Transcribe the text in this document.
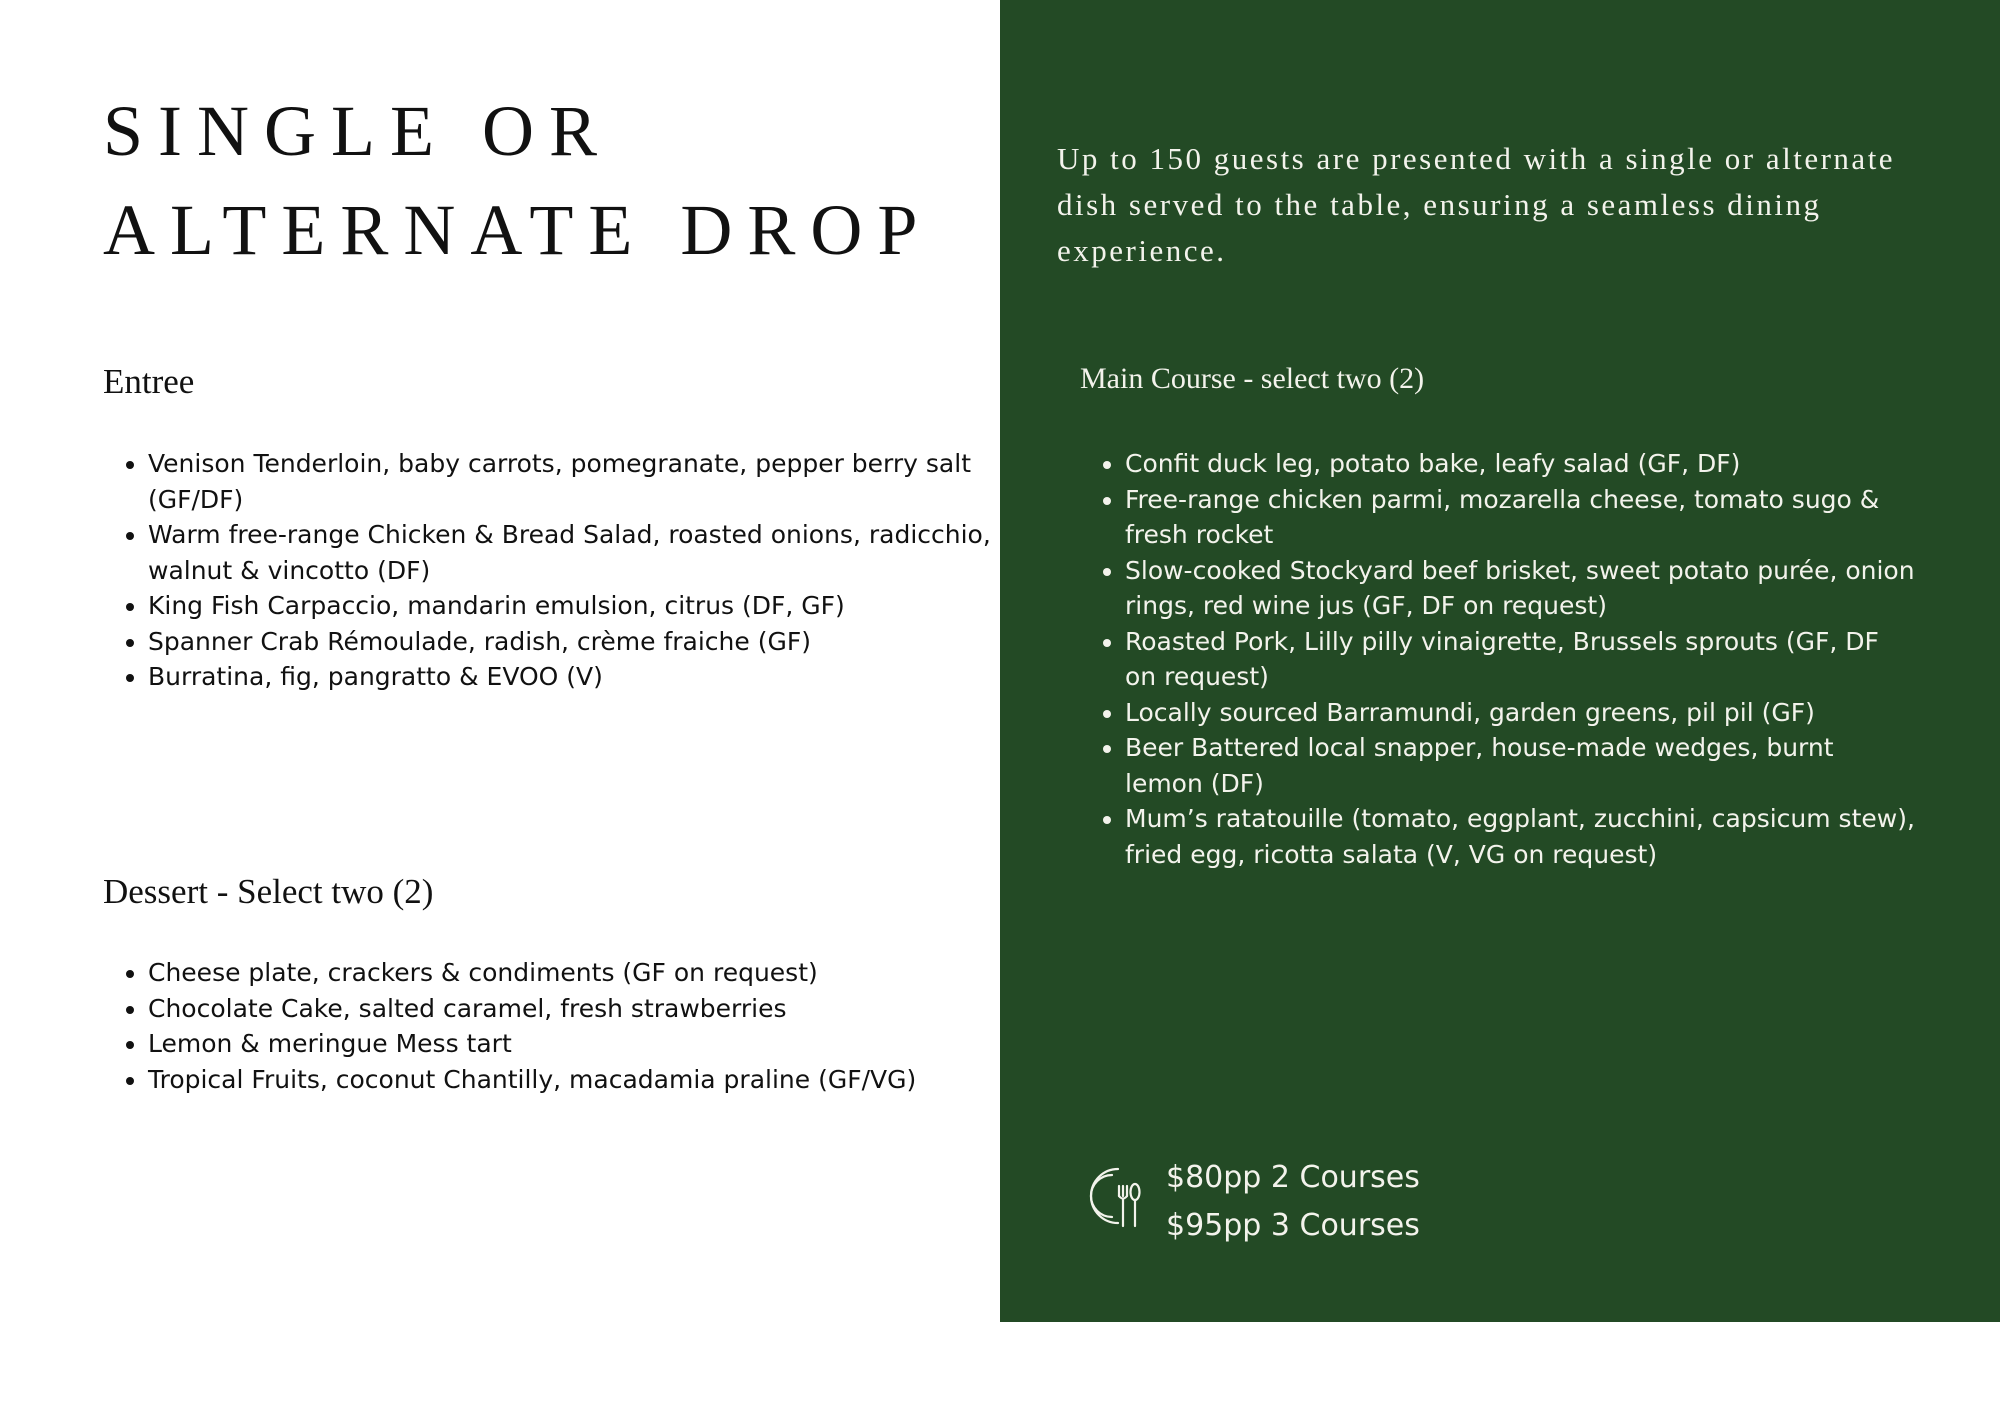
SINGLE OR
ALTERNATE DROP

Up to 150 guests are presented with a single or alternate dish served to the table, ensuring a seamless dining experience.

Entree
• Venison Tenderloin, baby carrots, pomegranate, pepper berry salt (GF/DF)
• Warm free-range Chicken & Bread Salad, roasted onions, radicchio, walnut & vincotto (DF)
• King Fish Carpaccio, mandarin emulsion, citrus (DF, GF)
• Spanner Crab Rémoulade, radish, crème fraiche (GF)
• Burratina, fig, pangratto & EVOO (V)
Dessert - Select two (2)
• Cheese plate, crackers & condiments (GF on request)
• Chocolate Cake, salted caramel, fresh strawberries
• Lemon & meringue Mess tart
• Tropical Fruits, coconut Chantilly, macadamia praline (GF/VG)
Main Course - select two (2)
• Confit duck leg, potato bake, leafy salad (GF, DF)
• Free-range chicken parmi, mozarella cheese, tomato sugo & fresh rocket
• Slow-cooked Stockyard beef brisket, sweet potato purée, onion rings, red wine jus (GF, DF on request)
• Roasted Pork, Lilly pilly vinaigrette, Brussels sprouts (GF, DF on request)
• Locally sourced Barramundi, garden greens, pil pil (GF)
• Beer Battered local snapper, house-made wedges, burnt lemon (DF)
• Mum’s ratatouille (tomato, eggplant, zucchini, capsicum stew), fried egg, ricotta salata (V, VG on request)
$80pp 2 Courses
$95pp 3 Courses
